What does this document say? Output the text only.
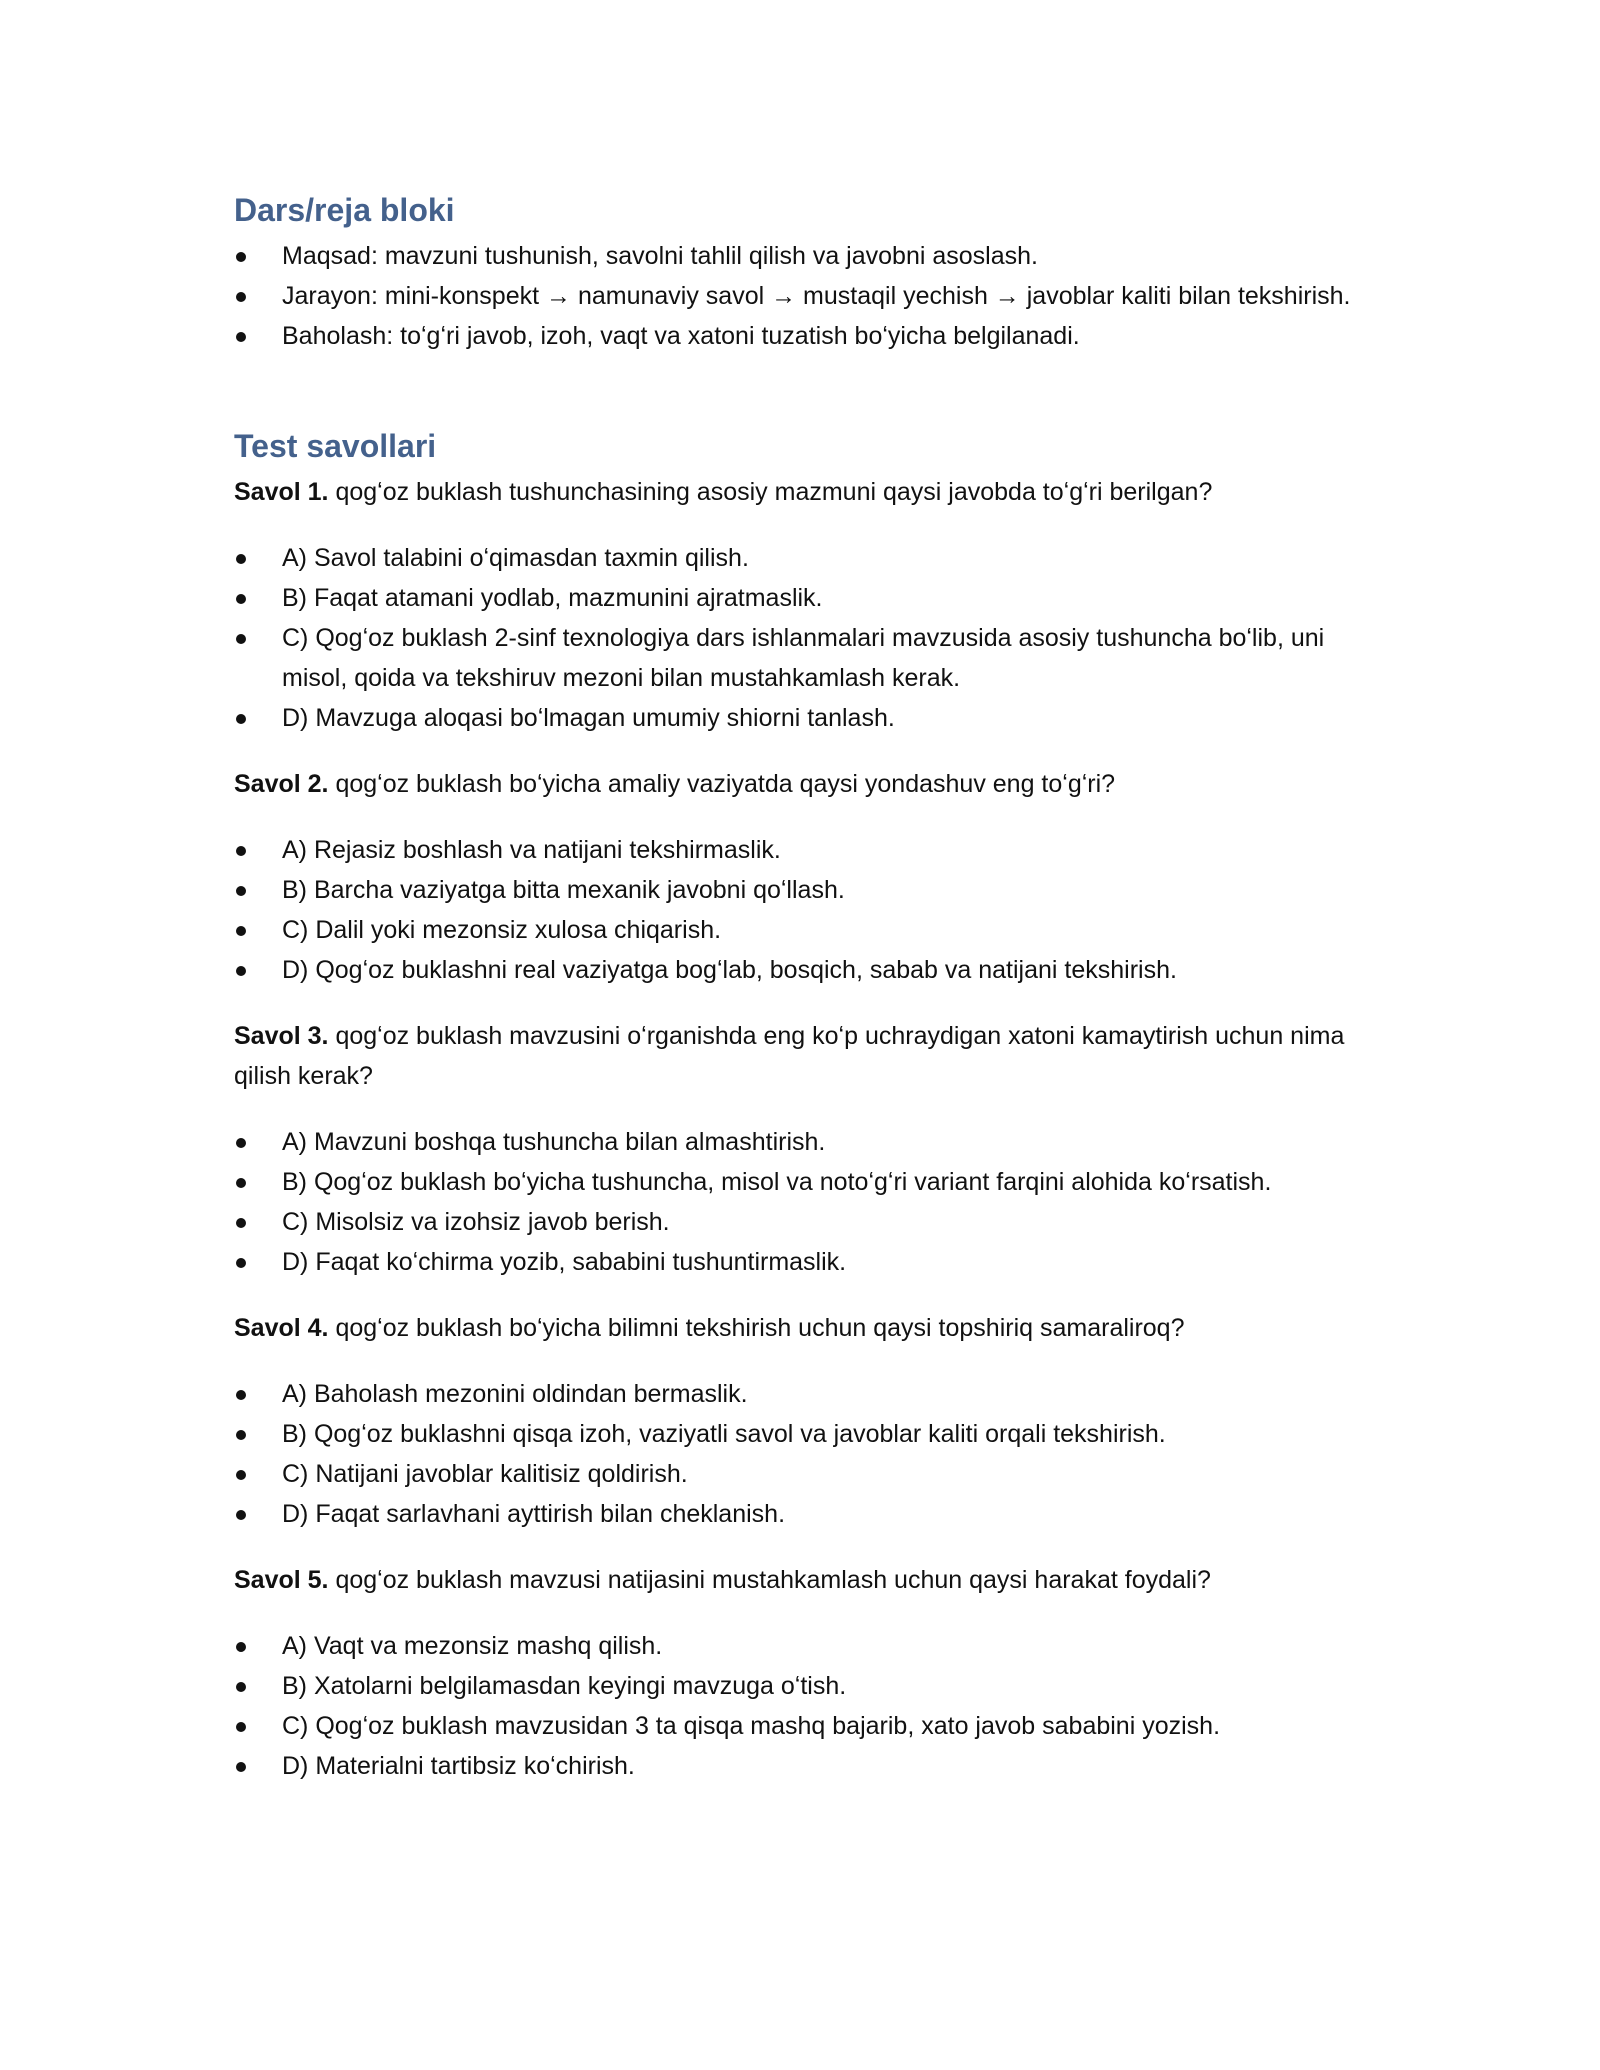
Dars/reja bloki
Maqsad: mavzuni tushunish, savolni tahlil qilish va javobni asoslash.
Jarayon: mini-konspekt → namunaviy savol → mustaqil yechish → javoblar kaliti bilan tekshirish.
Baholash: toʻgʻri javob, izoh, vaqt va xatoni tuzatish boʻyicha belgilanadi.
Test savollari

Savol 1. qogʻoz buklash tushunchasining asosiy mazmuni qaysi javobda toʻgʻri berilgan?

A) Savol talabini oʻqimasdan taxmin qilish.
B) Faqat atamani yodlab, mazmunini ajratmaslik.
C) Qogʻoz buklash 2-sinf texnologiya dars ishlanmalari mavzusida asosiy tushuncha boʻlib, uni misol, qoida va tekshiruv mezoni bilan mustahkamlash kerak.
D) Mavzuga aloqasi boʻlmagan umumiy shiorni tanlash.

Savol 2. qogʻoz buklash boʻyicha amaliy vaziyatda qaysi yondashuv eng toʻgʻri?

A) Rejasiz boshlash va natijani tekshirmaslik.
B) Barcha vaziyatga bitta mexanik javobni qoʻllash.
C) Dalil yoki mezonsiz xulosa chiqarish.
D) Qogʻoz buklashni real vaziyatga bogʻlab, bosqich, sabab va natijani tekshirish.

Savol 3. qogʻoz buklash mavzusini oʻrganishda eng koʻp uchraydigan xatoni kamaytirish uchun nima qilish kerak?

A) Mavzuni boshqa tushuncha bilan almashtirish.
B) Qogʻoz buklash boʻyicha tushuncha, misol va notoʻgʻri variant farqini alohida koʻrsatish.
C) Misolsiz va izohsiz javob berish.
D) Faqat koʻchirma yozib, sababini tushuntirmaslik.

Savol 4. qogʻoz buklash boʻyicha bilimni tekshirish uchun qaysi topshiriq samaraliroq?

A) Baholash mezonini oldindan bermaslik.
B) Qogʻoz buklashni qisqa izoh, vaziyatli savol va javoblar kaliti orqali tekshirish.
C) Natijani javoblar kalitisiz qoldirish.
D) Faqat sarlavhani ayttirish bilan cheklanish.

Savol 5. qogʻoz buklash mavzusi natijasini mustahkamlash uchun qaysi harakat foydali?

A) Vaqt va mezonsiz mashq qilish.
B) Xatolarni belgilamasdan keyingi mavzuga oʻtish.
C) Qogʻoz buklash mavzusidan 3 ta qisqa mashq bajarib, xato javob sababini yozish.
D) Materialni tartibsiz koʻchirish.
